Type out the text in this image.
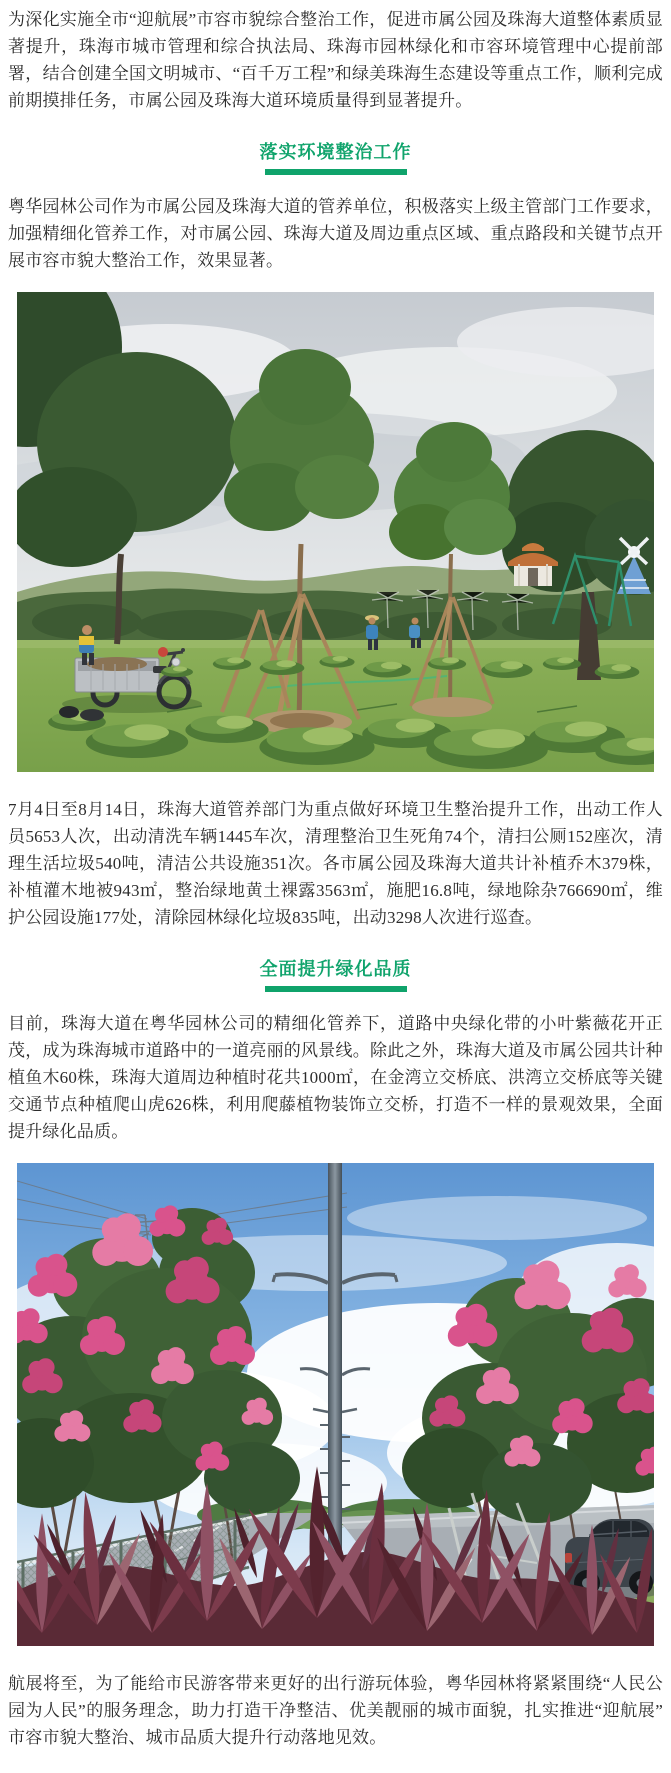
为深化实施全市“迎航展”市容市貌综合整治工作，促进市属公园及珠海大道整体素质显著提升，珠海市城市管理和综合执法局、珠海市园林绿化和市容环境管理中心提前部署，结合创建全国文明城市、“百千万工程”和绿美珠海生态建设等重点工作，顺利完成前期摸排任务，市属公园及珠海大道环境质量得到显著提升。

落实环境整治工作

粤华园林公司作为市属公园及珠海大道的管养单位，积极落实上级主管部门工作要求， 加强精细化管养工作，对市属公园、珠海大道及周边重点区域、重点路段和关键节点开展市容市貌大整治工作，效果显著。

7月4日至8月14日，珠海大道管养部门为重点做好环境卫生整治提升工作，出动工作人员5653人次，出动清洗车辆1445车次，清理整治卫生死角74个，清扫公厕152座次，清理生活垃圾540吨，清洁公共设施351次。各市属公园及珠海大道共计补植乔木379株，补植灌木地被943㎡，整治绿地黄土裸露3563㎡，施肥16.8吨，绿地除杂766690㎡，维护公园设施177处，清除园林绿化垃圾835吨，出动3298人次进行巡查。

全面提升绿化品质

目前，珠海大道在粤华园林公司的精细化管养下，道路中央绿化带的小叶紫薇花开正茂，成为珠海城市道路中的一道亮丽的风景线。除此之外，珠海大道及市属公园共计种植鱼木60株，珠海大道周边种植时花共1000㎡，在金湾立交桥底、洪湾立交桥底等关键交通节点种植爬山虎626株，利用爬藤植物装饰立交桥，打造不一样的景观效果，全面提升绿化品质。

航展将至，为了能给市民游客带来更好的出行游玩体验，粤华园林将紧紧围绕“人民公园为人民”的服务理念，助力打造干净整洁、优美靓丽的城市面貌，扎实推进“迎航展”市容市貌大整治、城市品质大提升行动落地见效。
